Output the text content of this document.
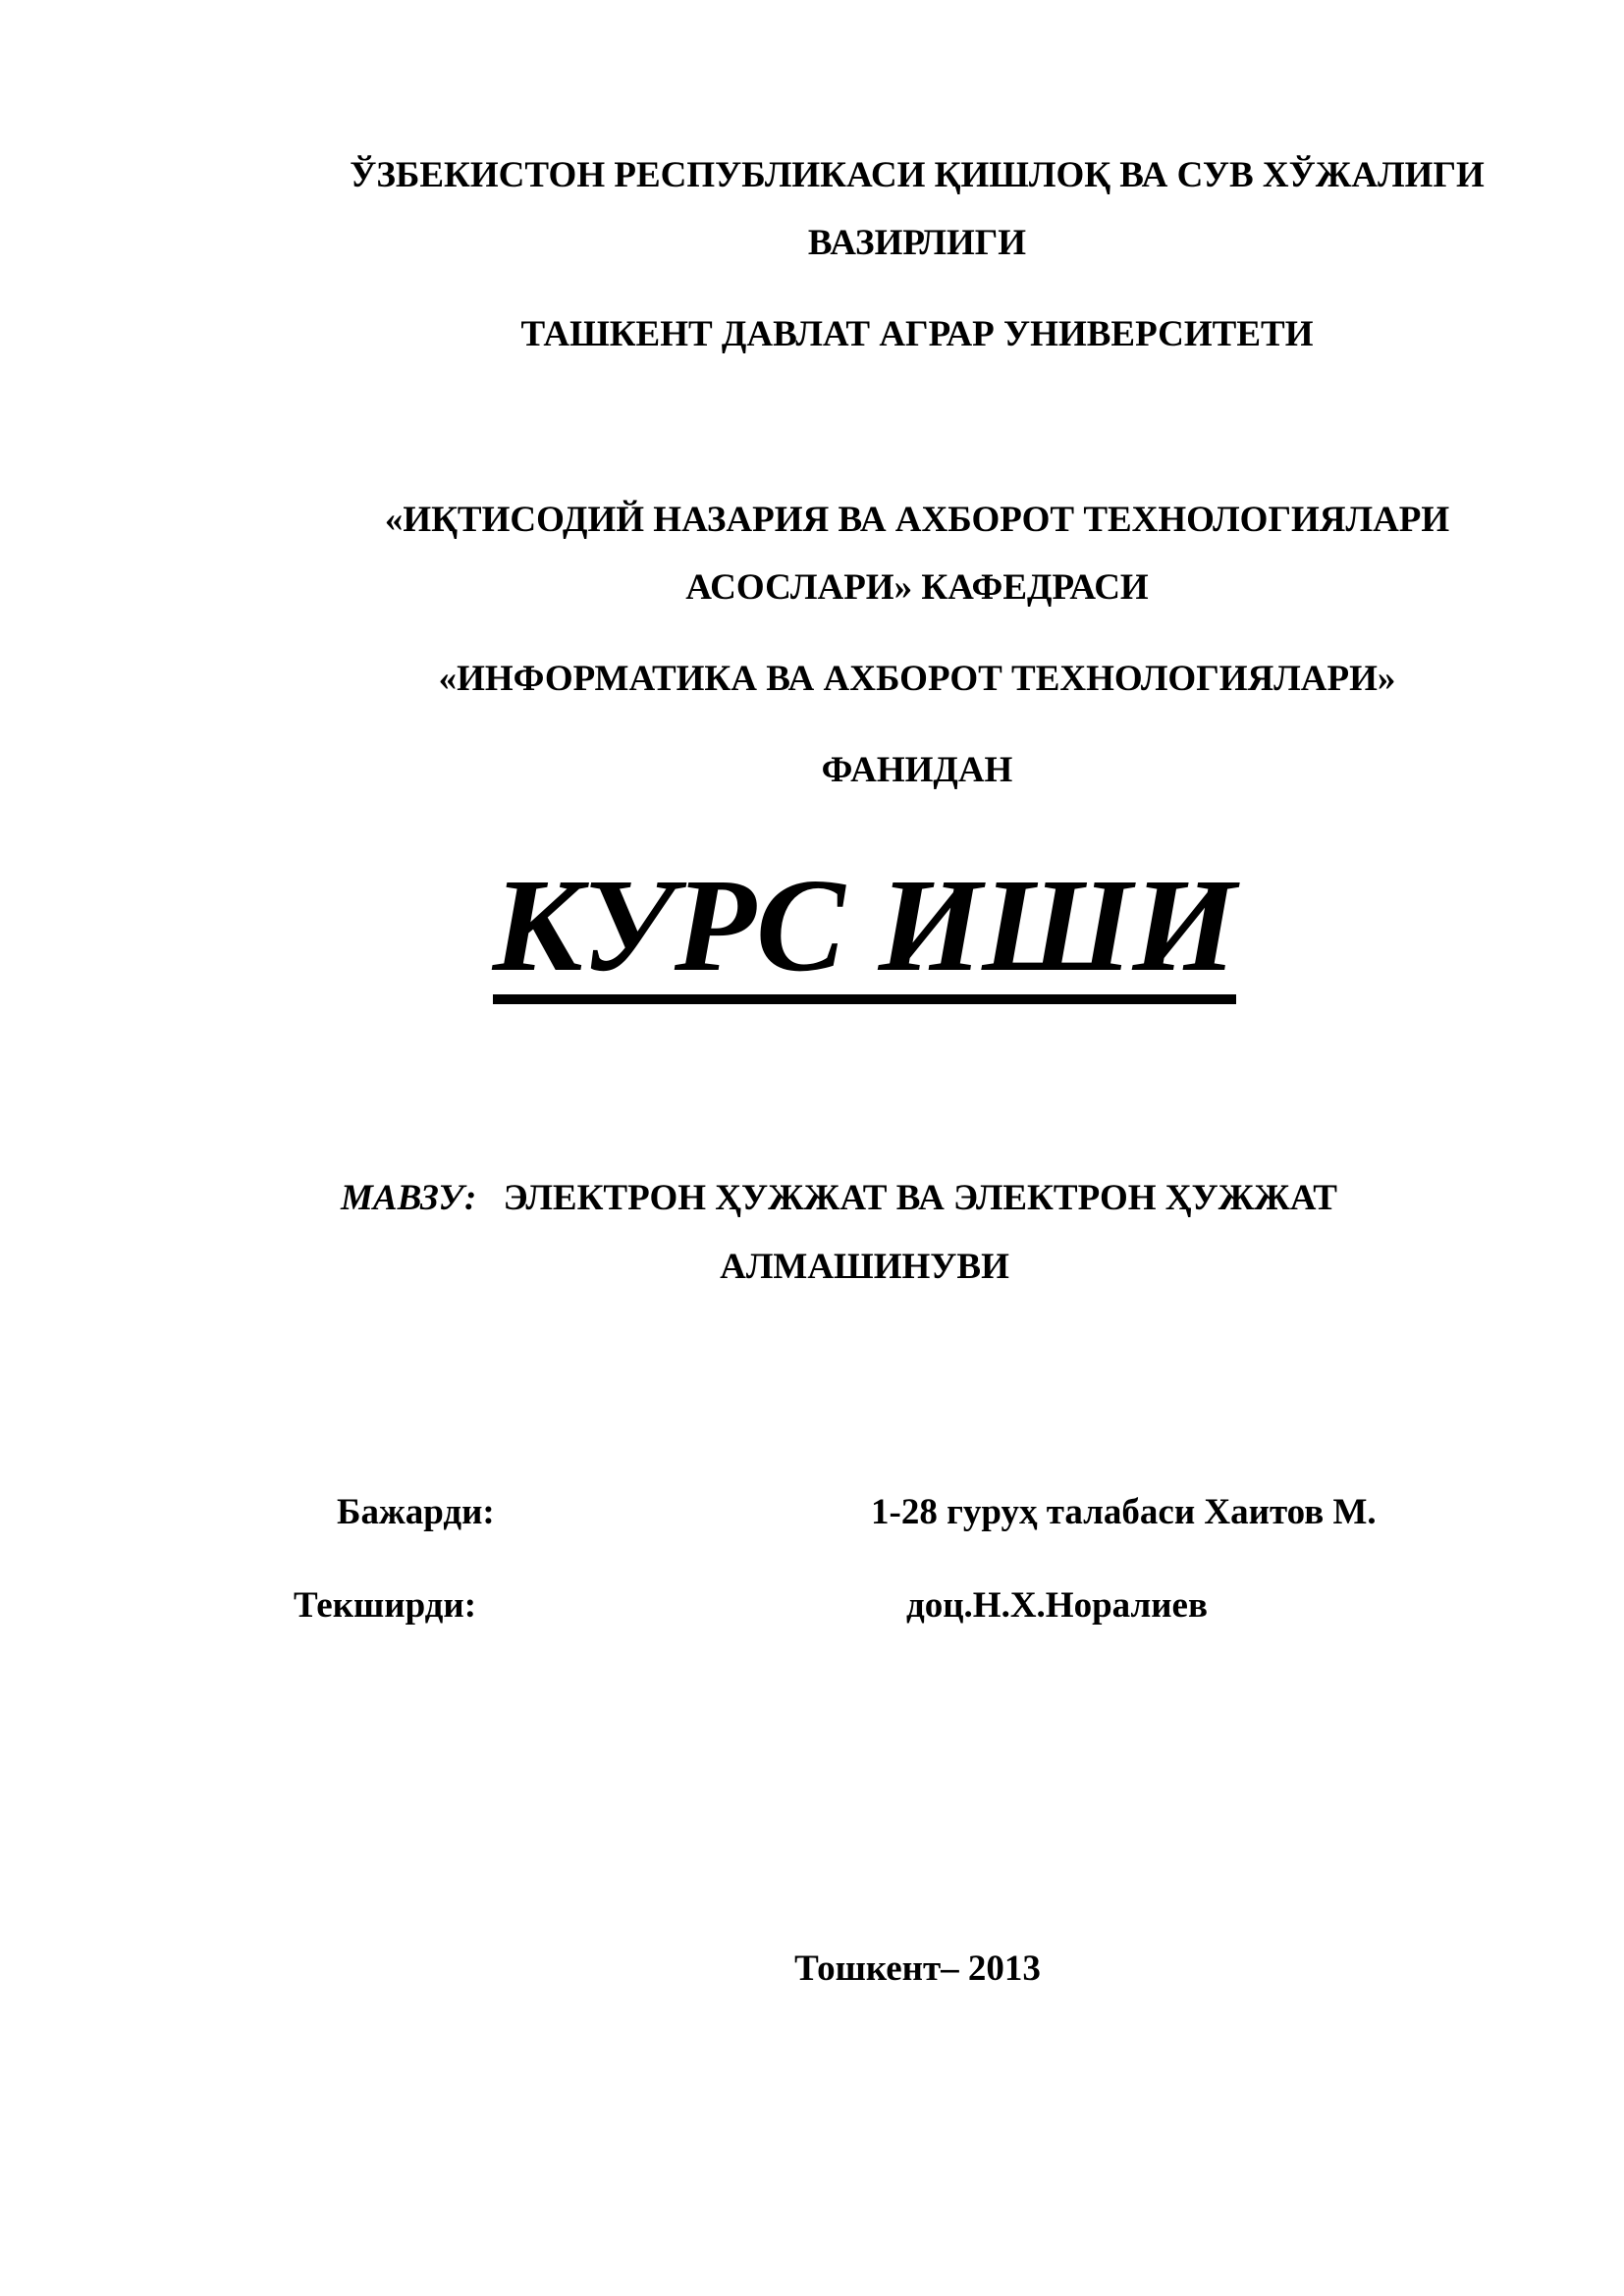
ЎЗБЕКИСТОН РЕСПУБЛИКАСИ ҚИШЛОҚ ВА СУВ ХЎЖАЛИГИ
ВАЗИРЛИГИ
ТАШКЕНТ ДАВЛАТ АГРАР УНИВЕРСИТЕТИ
«ИҚТИСОДИЙ НАЗАРИЯ ВА АХБОРОТ ТЕХНОЛОГИЯЛАРИ
АСОСЛАРИ» КАФЕДРАСИ
«ИНФОРМАТИКА ВА АХБОРОТ ТЕХНОЛОГИЯЛАРИ»
ФАНИДАН
КУРС ИШИ
МАВЗУ: ЭЛЕКТРОН ҲУЖЖАТ ВА ЭЛЕКТРОН ҲУЖЖАТ
АЛМАШИНУВИ
Бажарди:	1-28 гуруҳ талабаси Хаитов М.
Текширди:	доц.Н.Х.Норалиев
Тошкент– 2013
